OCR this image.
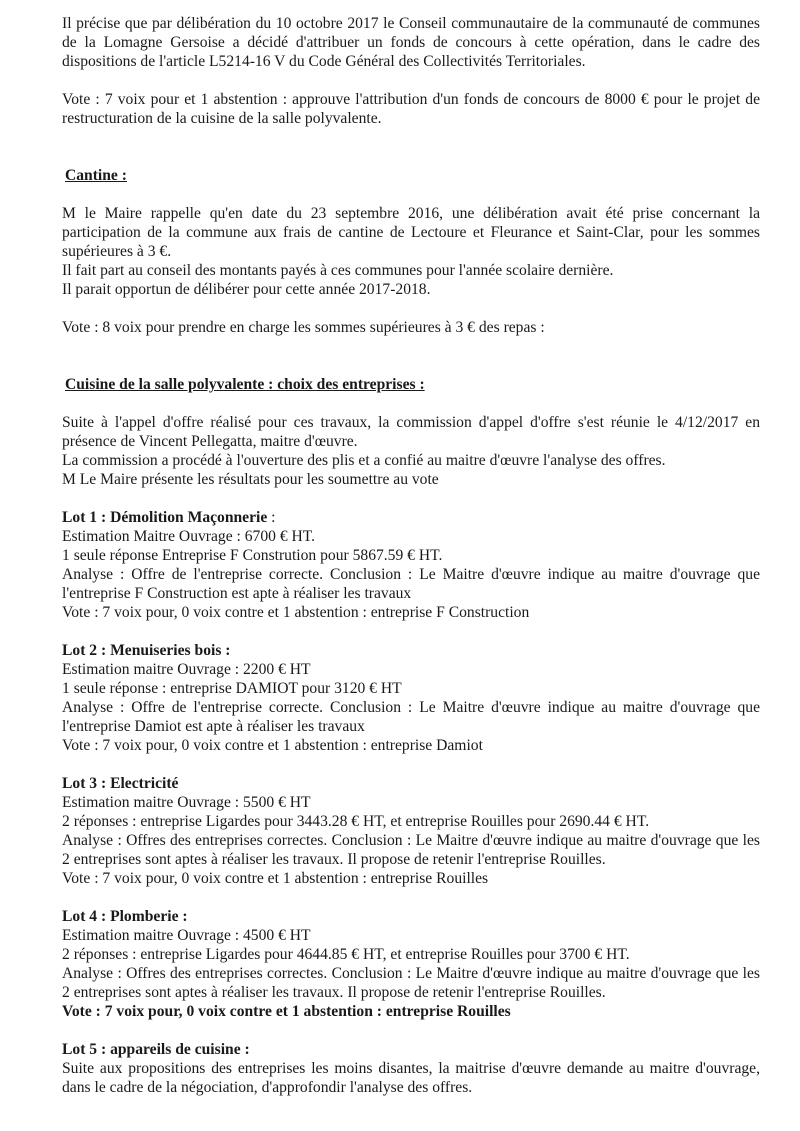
Il précise que par délibération du 10 octobre 2017 le Conseil communautaire de la communauté de communes de la Lomagne Gersoise a décidé d'attribuer un fonds de concours à cette opération, dans le cadre des dispositions de l'article L5214-16 V du Code Général des Collectivités Territoriales.

Vote : 7 voix pour et 1 abstention : approuve l'attribution d'un fonds de concours de 8000 € pour le projet de restructuration de la cuisine de la salle polyvalente.

Cantine :

M le Maire rappelle qu'en date du 23 septembre 2016, une délibération avait été prise concernant la participation de la commune aux frais de cantine de Lectoure et Fleurance et Saint-Clar, pour les sommes supérieures à 3 €.

Il fait part au conseil des montants payés à ces communes pour l'année scolaire dernière.

Il parait opportun de délibérer pour cette année 2017-2018.

Vote : 8 voix pour prendre en charge les sommes supérieures à 3 € des repas :

Cuisine de la salle polyvalente : choix des entreprises :

Suite à l'appel d'offre réalisé pour ces travaux, la commission d'appel d'offre s'est réunie le 4/12/2017 en présence de Vincent Pellegatta, maitre d'œuvre.

La commission a procédé à l'ouverture des plis et a confié au maitre d'œuvre l'analyse des offres.

M Le Maire présente les résultats pour les soumettre au vote

Lot 1 : Démolition Maçonnerie :

Estimation Maitre Ouvrage : 6700 € HT.

1 seule réponse Entreprise F Constrution pour 5867.59 € HT.

Analyse : Offre de l'entreprise correcte. Conclusion : Le Maitre d'œuvre indique au maitre d'ouvrage que l'entreprise F Construction est apte à réaliser les travaux

Vote : 7 voix pour, 0 voix contre et 1 abstention : entreprise F Construction

Lot 2 : Menuiseries bois :

Estimation maitre Ouvrage : 2200 € HT

1 seule réponse : entreprise DAMIOT pour 3120 € HT

Analyse : Offre de l'entreprise correcte. Conclusion : Le Maitre d'œuvre indique au maitre d'ouvrage que l'entreprise Damiot est apte à réaliser les travaux

Vote : 7 voix pour, 0 voix contre et 1 abstention : entreprise Damiot

Lot 3 : Electricité

Estimation maitre Ouvrage : 5500 € HT

2 réponses : entreprise Ligardes pour 3443.28 € HT, et entreprise Rouilles pour 2690.44 € HT.

Analyse : Offres des entreprises correctes. Conclusion : Le Maitre d'œuvre indique au maitre d'ouvrage que les 2 entreprises sont aptes à réaliser les travaux. Il propose de retenir l'entreprise Rouilles.

Vote : 7 voix pour, 0 voix contre et 1 abstention : entreprise Rouilles

Lot 4 : Plomberie :

Estimation maitre Ouvrage : 4500 € HT

2 réponses : entreprise Ligardes pour 4644.85 € HT, et entreprise Rouilles pour 3700 € HT.

Analyse : Offres des entreprises correctes. Conclusion : Le Maitre d'œuvre indique au maitre d'ouvrage que les 2 entreprises sont aptes à réaliser les travaux. Il propose de retenir l'entreprise Rouilles.

Vote : 7 voix pour, 0 voix contre et 1 abstention : entreprise Rouilles

Lot 5 : appareils de cuisine :

Suite aux propositions des entreprises les moins disantes, la maitrise d'œuvre demande au maitre d'ouvrage, dans le cadre de la négociation, d'approfondir l'analyse des offres.
